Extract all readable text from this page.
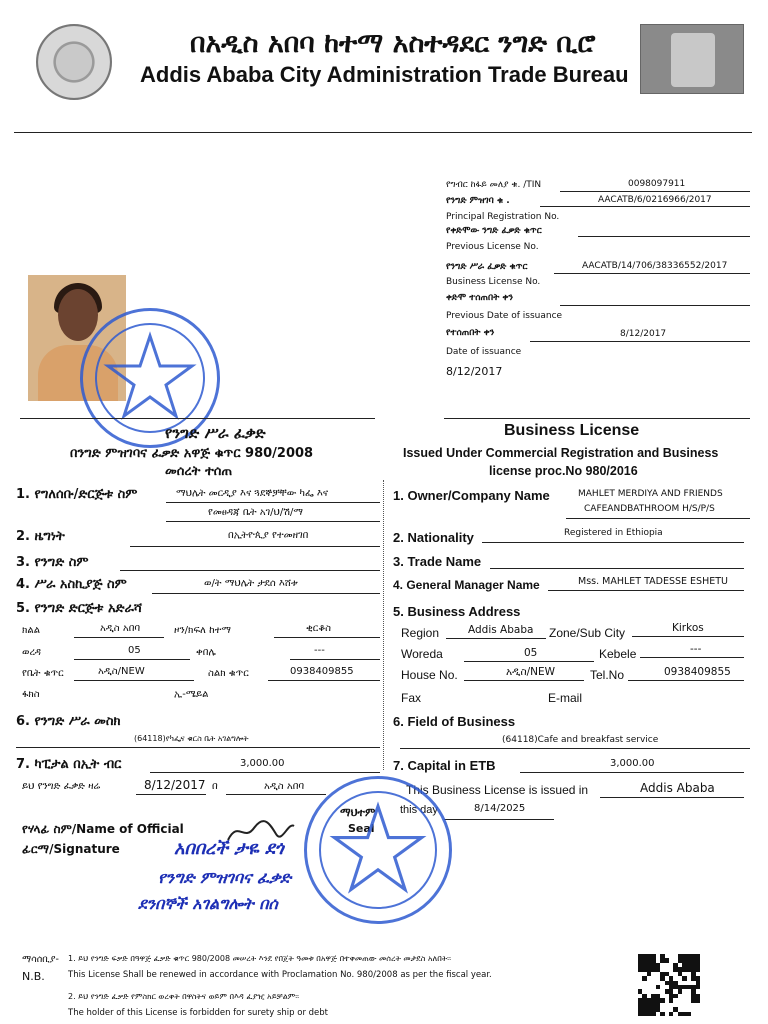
በአዲስ አበባ ከተማ አስተዳደር ንግድ ቢሮ
Addis Ababa City Administration Trade Bureau
የግብር ከፋይ መለያ ቁ. /TIN	0098097911
የንግድ ምዝገባ ቁ .	AACATB/6/0216966/2017
Principal Registration No.
የቀድሞው ንግድ ፈቃድ ቁጥር
Previous License No.
የንግድ ሥራ ፈቃድ ቁጥር	AACATB/14/706/38336552/2017
Business License No.
ቀድሞ ተሰጠበት ቀን
Previous Date of issuance
የተሰጠበት ቀን	8/12/2017
Date of issuance
8/12/2017
የንግድ ሥራ ፈቃድ
በንግድ ምዝገባና ፈቃድ አዋጅ ቁጥር 980/2008
መሰረት ተሰጠ
Business License
Issued Under Commercial Registration and Business
license proc.No 980/2016
1. የግለሰቡ/ድርጅቱ ስም	ማህሌት መርዲያ እና ጓደኞቻቸው ካፌ እና
የመፀዳጃ ቤት አገ/ህ/ሽ/ማ
2. ዜግነት	በኢትዮጲያ የተመዘገበ
3. የንግድ ስም
4. ሥራ አስኪያጅ ስም	ወ/ት ማህሌት ታደሰ እሸቱ
5. የንግድ ድርጅቱ አድራሻ
ክልል	አዲስ አበባ	ዞን/ክፍለ ከተማ	ቂርቆስ
ወረዳ	05	ቀበሌ	---
የቤት ቁጥር	አዲስ/NEW	ስልክ ቁጥር	0938409855
ፋክስ	ኢ-ሜይል
6. የንግድ ሥራ መስክ
(64118)የካፌና ቁርስ ቤት አገልግሎት
7. ካፒታል በኢት ብር	3,000.00
ይህ የንግድ ፈቃድ ዛሬ	8/12/2017 በ	አዲስ አበባ
1. Owner/Company Name	MAHLET MERDIYA AND FRIENDS
CAFEANDBATHROOM H/S/P/S
2. Nationality	Registered in Ethiopia
3. Trade Name
4. General Manager Name	Mss. MAHLET TADESSE ESHETU
5. Business Address
Region	Addis Ababa Zone/Sub City	Kirkos
Woreda	05	Kebele	---
House No.	አዲስ/NEW	Tel.No	0938409855
Fax	E-mail
6. Field of Business
(64118)Cafe and breakfast service
7. Capital in ETB	3,000.00
This Business License is issued in	Addis Ababa
this day	8/14/2025
የሃላፊ ስም/Name of Official
ፊርማ/Signature
ማህተም
Seal
አበበረች ታዬ ደጎ
የንግድ ምዝገባና ፈቃድ
ደንበኞች አገልግሎት በሰ
ማሳሰቢያ-
N.B.
1. ይህ የንግድ ፍቃድ በዓዋጅ ፈቃድ ቁጥር 980/2008 መሠረት እንደ የበጀት ዓመቱ በአዋጅ በተቀመጠው መሰረት መታደስ አለበት፡፡
This License Shall be renewed in accordance with Proclamation No. 980/2008 as per the fiscal year.
2. ይህ የንግድ ፈቃድ የምስክር ወረቀት በዋስትና ወይም በእዳ ፈያዢ አይቻልም፡፡
The holder of this License is forbidden for surety ship or debt
